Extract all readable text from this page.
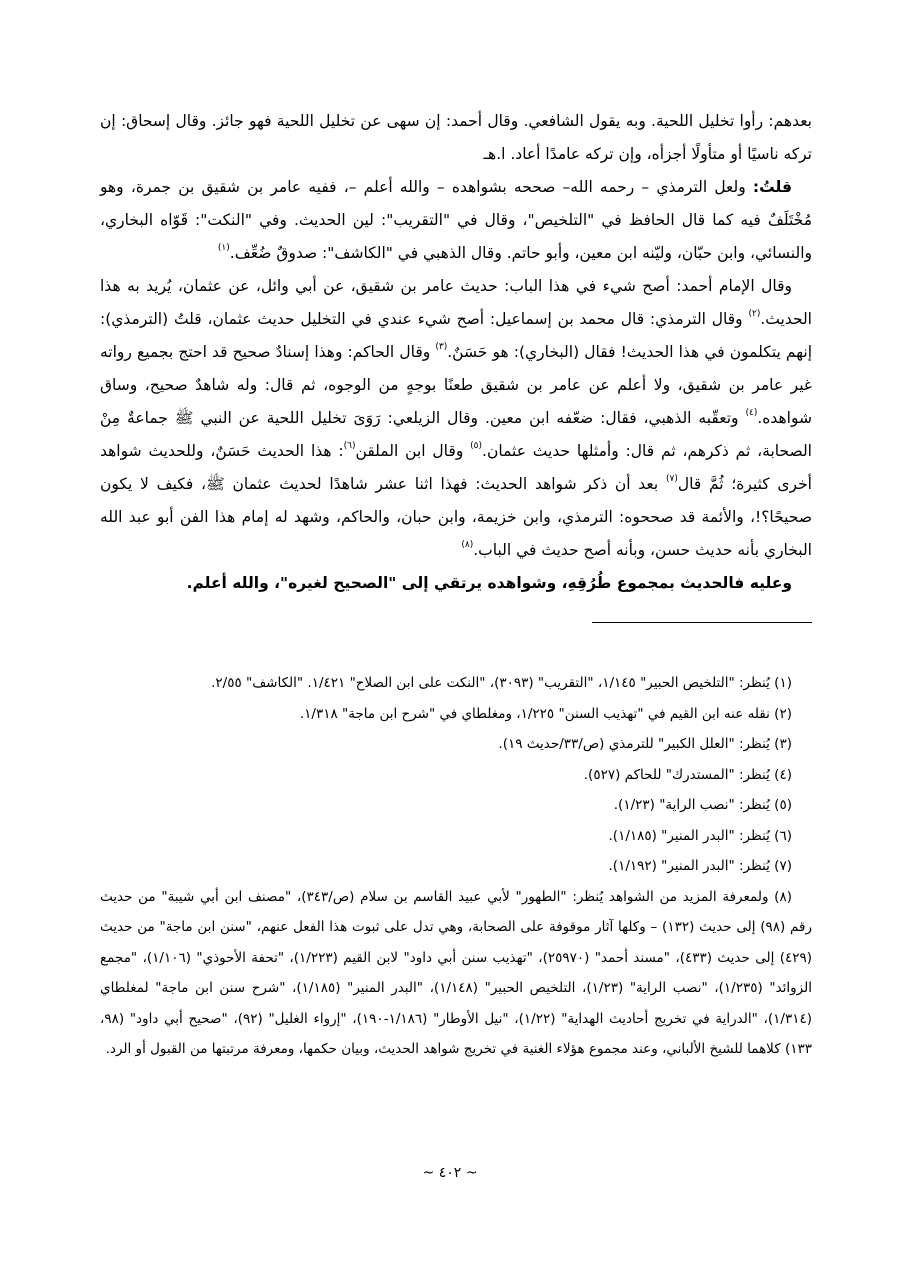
بعدهم: رأوا تخليل اللحية. وبه يقول الشافعي. وقال أحمد: إن سهى عن تخليل اللحية فهو جائز. وقال إسحاق: إن تركه ناسيًا أو متأولًا أجزأه، وإن تركه عامدًا أعاد. ا.هـ

قلتُ: ولعل الترمذي – رحمه الله– صححه بشواهده – والله أعلم –، ففيه عامر بن شقيق بن جمرة، وهو مُخْتَلَفٌ فيه كما قال الحافظ في "التلخيص"، وقال في "التقريب": لين الحديث. وفي "النكت": قَوّاه البخاري، والنسائي، وابن حبّان، وليّنه ابن معين، وأبو حاتم. وقال الذهبي في "الكاشف": صدوقٌ ضُعِّف.$^{(١)}$

وقال الإمام أحمد: أصح شيء في هذا الباب: حديث عامر بن شقيق، عن أبي وائل، عن عثمان، يُريد به هذا الحديث.$^{(٢)}$ وقال الترمذي: قال محمد بن إسماعيل: أصح شيء عندي في التخليل حديث عثمان، قلتُ (الترمذي): إنهم يتكلمون في هذا الحديث! فقال (البخاري): هو حَسَنٌ.$^{(٣)}$ وقال الحاكم: وهذا إسنادٌ صحيح قد احتج بجميع رواته غير عامر بن شقيق، ولا أعلم عن عامر بن شقيق طعنًا بوجهٍ من الوجوه، ثم قال: وله شاهدٌ صحيح، وساق شواهده.$^{(٤)}$ وتعقّبه الذهبي، فقال: ضعّفه ابن معين. وقال الزيلعي: رَوَىَ تخليل اللحية عن النبي ﷺ جماعةٌ مِنْ الصحابة، ثم ذكرهم، ثم قال: وأمثلها حديث عثمان.$^{(٥)}$ وقال ابن الملقن$^{(٦)}$: هذا الحديث حَسَنٌ، وللحديث شواهد أخرى كثيرة؛ ثُمَّ قال$^{(٧)}$ بعد أن ذكر شواهد الحديث: فهذا اثنا عشر شاهدًا لحديث عثمان ﷺ، فكيف لا يكون صحيحًا؟!، والأئمة قد صححوه: الترمذي، وابن خزيمة، وابن حبان، والحاكم، وشهد له إمام هذا الفن أبو عبد الله البخاري بأنه حديث حسن، وبأنه أصح حديث في الباب.$^{(٨)}$

وعليه فالحديث بمجموع طُرُقِهِ، وشواهده يرتقي إلى "الصحيح لغيره"، والله أعلم.

(١) يُنظر: "التلخيص الحبير" ١/١٤٥، "التقريب" (٣٠٩٣)، "النكت على ابن الصلاح" ١/٤٢١. "الكاشف" ٢/٥٥.

(٢) نقله عنه ابن القيم في "تهذيب السنن" ١/٢٢٥، ومغلطاي في "شرح ابن ماجة" ١/٣١٨.

(٣) يُنظر: "العلل الكبير" للترمذي (ص/٣٣/حديث ١٩).

(٤) يُنظر: "المستدرك" للحاكم (٥٢٧).

(٥) يُنظر: "نصب الراية" (١/٢٣).

(٦) يُنظر: "البدر المنير" (١/١٨٥).

(٧) يُنظر: "البدر المنير" (١/١٩٢).

(٨) ولمعرفة المزيد من الشواهد يُنظر: "الطهور" لأبي عبيد القاسم بن سلام (ص/٣٤٣)، "مصنف ابن أبي شيبة" من حديث رقم (٩٨) إلى حديث (١٣٢) – وكلها آثار موقوفة على الصحابة، وهي تدل على ثبوت هذا الفعل عنهم، "سنن ابن ماجة" من حديث (٤٢٩) إلى حديث (٤٣٣)، "مسند أحمد" (٢٥٩٧٠)، "تهذيب سنن أبي داود" لابن القيم (١/٢٢٣)، "تحفة الأحوذي" (١/١٠٦)، "مجمع الزوائد" (١/٢٣٥)، "نصب الراية" (١/٢٣)، التلخيص الحبير" (١/١٤٨)، "البدر المنير" (١/١٨٥)، "شرح سنن ابن ماجة" لمغلطاي (١/٣١٤)، "الدراية في تخريج أحاديث الهداية" (١/٢٢)، "نيل الأوطار" (١/١٨٦-١٩٠)، "إرواء الغليل" (٩٢)، "صحيح أبي داود" (٩٨، ١٣٣) كلاهما للشيخ الألباني، وعند مجموع هؤلاء الغنية في تخريج شواهد الحديث، وبيان حكمها، ومعرفة مرتبتها من القبول أو الرد.

~ ٤٠٢ ~
